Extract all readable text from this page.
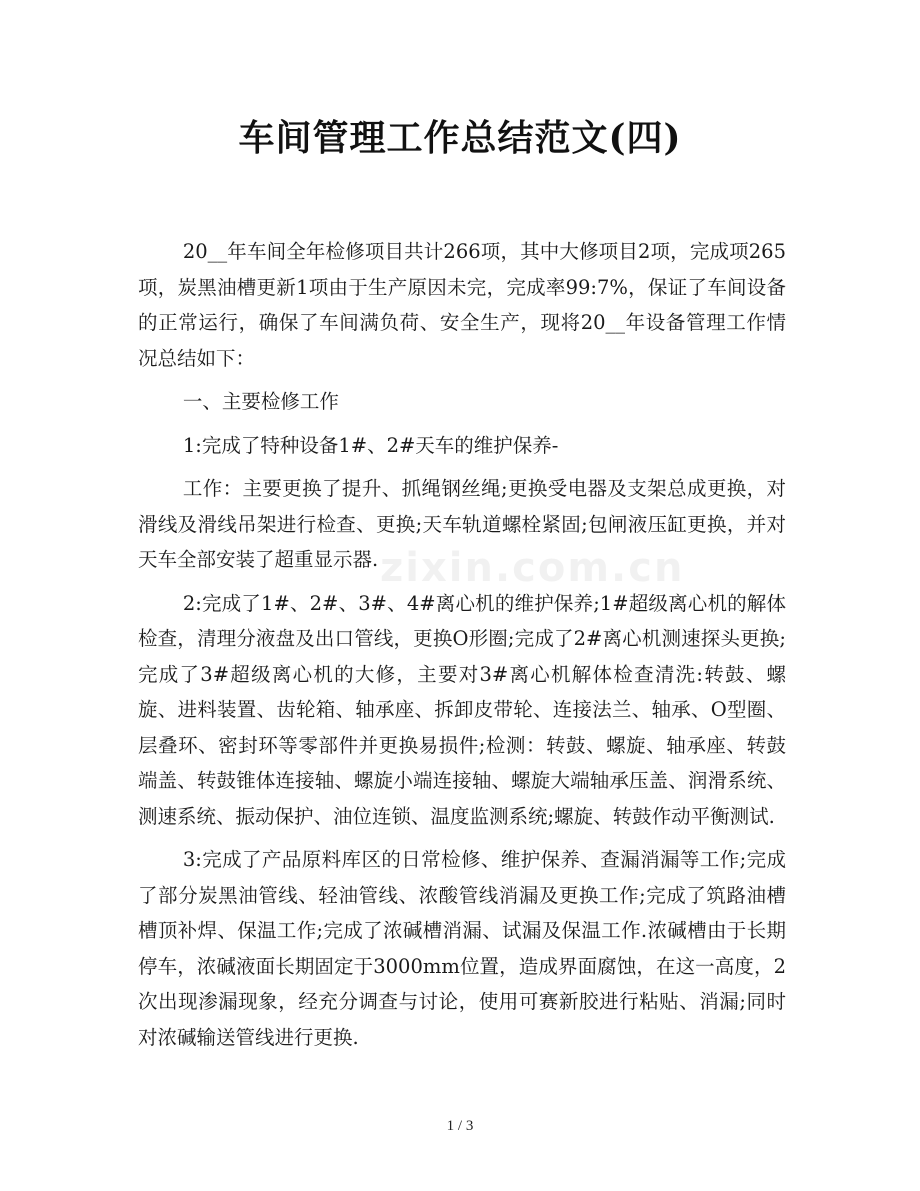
车间管理工作总结范文(四)
zixin.com.cn

20__年车间全年检修项目共计266项，其中大修项目2项，完成项265项，炭黑油槽更新1项由于生产原因未完，完成率99:7%，保证了车间设备的正常运行，确保了车间满负荷、安全生产，现将20__年设备管理工作情况总结如下：

一、主要检修工作

1:完成了特种设备1#、2#天车的维护保养-

工作：主要更换了提升、抓绳钢丝绳;更换受电器及支架总成更换，对滑线及滑线吊架进行检查、更换;天车轨道螺栓紧固;包闸液压缸更换，并对天车全部安装了超重显示器.

2:完成了1#、2#、3#、4#离心机的维护保养;1#超级离心机的解体检查，清理分液盘及出口管线，更换O形圈;完成了2#离心机测速探头更换;完成了3#超级离心机的大修，主要对3#离心机解体检查清洗:转鼓、螺旋、进料装置、齿轮箱、轴承座、拆卸皮带轮、连接法兰、轴承、O型圈、层叠环、密封环等零部件并更换易损件;检测：转鼓、螺旋、轴承座、转鼓端盖、转鼓锥体连接轴、螺旋小端连接轴、螺旋大端轴承压盖、润滑系统、测速系统、振动保护、油位连锁、温度监测系统;螺旋、转鼓作动平衡测试.

3:完成了产品原料库区的日常检修、维护保养、查漏消漏等工作;完成了部分炭黑油管线、轻油管线、浓酸管线消漏及更换工作;完成了筑路油槽槽顶补焊、保温工作;完成了浓碱槽消漏、试漏及保温工作.浓碱槽由于长期停车，浓碱液面长期固定于3000mm位置，造成界面腐蚀，在这一高度，2次出现渗漏现象，经充分调查与讨论，使用可赛新胶进行粘贴、消漏;同时对浓碱输送管线进行更换.

1 / 3
